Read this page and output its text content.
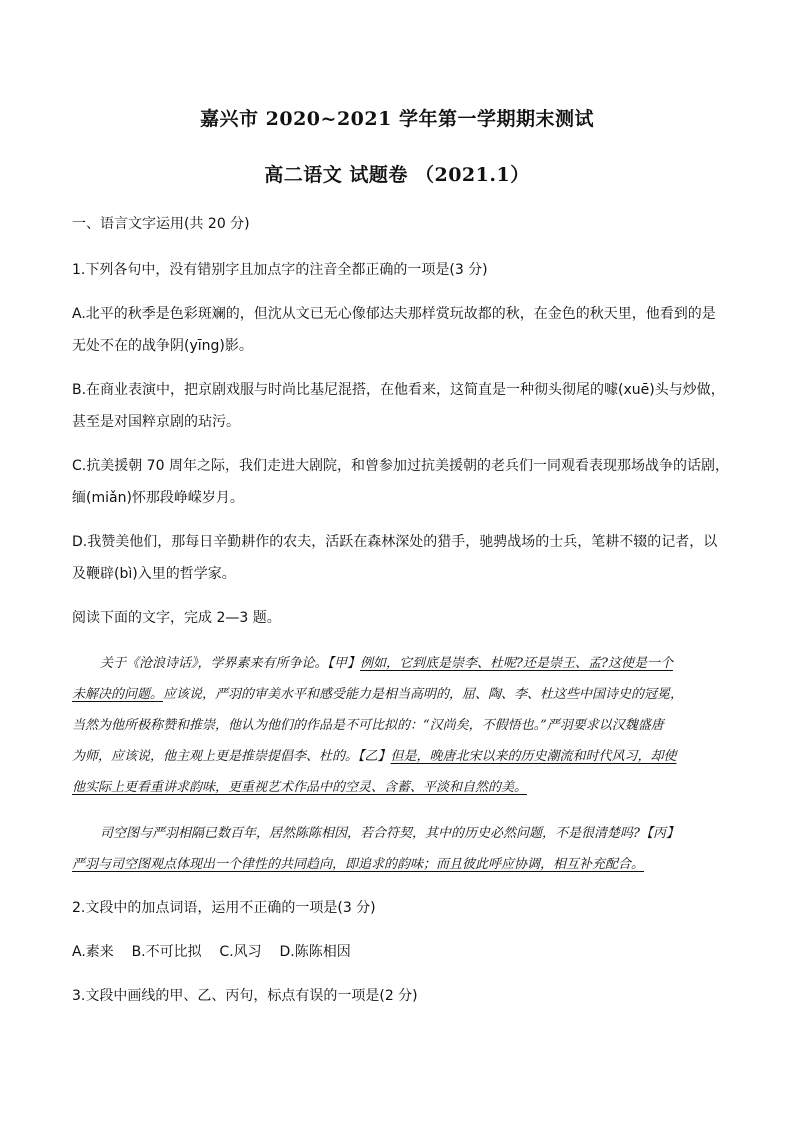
嘉兴市 2020~2021 学年第一学期期末测试
高二语文 试题卷 （2021.1）
一、语言文字运用(共 20 分)
1.下列各句中，没有错别字且加点字的注音全都正确的一项是(3 分)
A.北平的秋季是色彩斑斓的，但沈从文已无心像郁达夫那样赏玩故都的秋，在金色的秋天里，他看到的是
无处不在的战争阴(yīng)影。
B.在商业表演中，把京剧戏服与时尚比基尼混搭，在他看来，这简直是一种彻头彻尾的噱(xuē)头与炒做，
甚至是对国粹京剧的玷污。
C.抗美援朝 70 周年之际，我们走进大剧院，和曾参加过抗美援朝的老兵们一同观看表现那场战争的话剧，
缅(miǎn)怀那段峥嵘岁月。
D.我赞美他们，那每日辛勤耕作的农夫，活跃在森林深处的猎手，驰骋战场的士兵，笔耕不辍的记者，以
及鞭辟(bì)入里的哲学家。
阅读下面的文字，完成 2—3 题。
关于《沧浪诗话》，学界素来有所争论。【甲】例如，它到底是崇李、杜呢?还是崇王、孟?这使是一个
未解决的问题。应该说，严羽的审美水平和感受能力是相当高明的，屈、陶、李、杜这些中国诗史的冠冕，
当然为他所极称赞和推崇，他认为他们的作品是不可比拟的：“汉尚矣，不假悟也。”严羽要求以汉魏盛唐
为师，应该说，他主观上更是推崇提倡李、杜的。【乙】但是，晚唐北宋以来的历史潮流和时代风习，却使
他实际上更看重讲求韵味，更重视艺术作品中的空灵、含蓄、平淡和自然的美。
司空图与严羽相隔已数百年，居然陈陈相因，若合符契，其中的历史必然问题，不是很清楚吗?【丙】
严羽与司空图观点体现出一个律性的共同趋向，即追求的韵味；而且彼此呼应协调，相互补充配合。
2.文段中的加点词语，运用不正确的一项是(3 分)
A.素来    B.不可比拟    C.风习    D.陈陈相因
3.文段中画线的甲、乙、丙句，标点有误的一项是(2 分)
